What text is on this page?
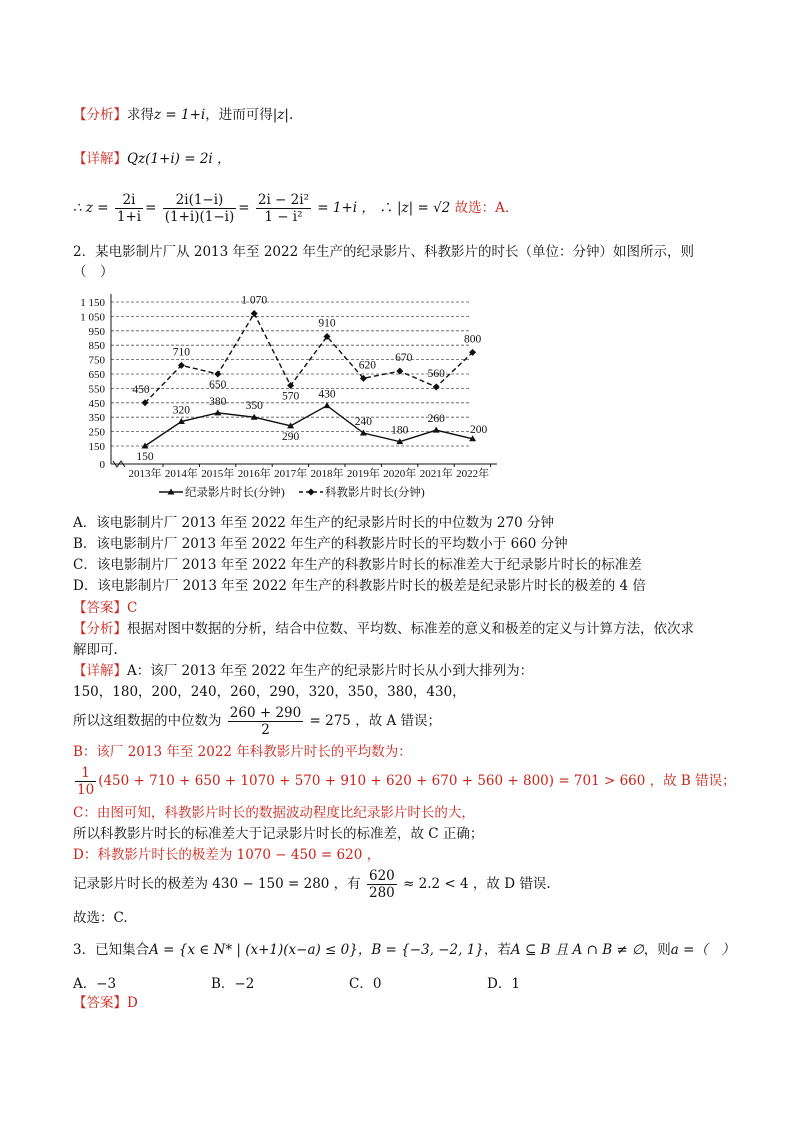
【分析】求得z = 1+i，进而可得|z|.
【详解】Qz(1+i) = 2i ，
∴ $z = \frac{2i}{1+i} = \frac{2i(1-i)}{(1+i)(1-i)} = \frac{\text{2i − 2i²}}{\text{1 − i²}} = 1+i$ ， ∴ |z| = √2 故选：A.
2．某电影制片厂从 2013 年至 2022 年生产的纪录影片、科教影片的时长（单位：分钟）如图所示，则
（　）
0
150
250
350
450
550
650
750
850
950
1 050
1 150
2013年 2014年 2015年 2016年 2017年 2018年 2019年 2020年 2021年 2022年
150
320
380 350
290
430
240
180
260
200
450
710
650
1 070
570
910
620
670
560
800
纪录影片时长(分钟)	科教影片时长(分钟)
A．该电影制片厂 2013 年至 2022 年生产的纪录影片时长的中位数为 270 分钟
B．该电影制片厂 2013 年至 2022 年生产的科教影片时长的平均数小于 660 分钟
C．该电影制片厂 2013 年至 2022 年生产的科教影片时长的标准差大于纪录影片时长的标准差
D．该电影制片厂 2013 年至 2022 年生产的科教影片时长的极差是纪录影片时长的极差的 4 倍
【答案】C
【分析】根据对图中数据的分析，结合中位数、平均数、标准差的意义和极差的定义与计算方法，依次求
解即可.
【详解】A：该厂 2013 年至 2022 年生产的纪录影片时长从小到大排列为：
150，180，200，240，260，290，320，350，380，430，
所以这组数据的中位数为 $\frac{260 + 290}{2} = 275$ ，故 A 错误；
B：该厂 2013 年至 2022 年科教影片时长的平均数为：
$\frac{1}{10} (450 + 710 + 650 + 1070 + 570 + 910 + 620 + 670 + 560 + 800) = 701 > 660$ ，故 B 错误；
C：由图可知，科教影片时长的数据波动程度比纪录影片时长的大，
所以科教影片时长的标准差大于记录影片时长的标准差，故 C 正确；
D：科教影片时长的极差为 1070 − 450 = 620 ，
记录影片时长的极差为 430 − 150 = 280 ，有 $\frac{620}{280} \approx 2.2 < 4$ ，故 D 错误.
故选：C.
3．已知集合A = {x ∈ N* | (x+1)(x−a) ≤ 0}，B = {−3, −2, 1}，若A ⊆ B 且 A ∩ B ≠ ∅，则a =（　）
A．−3	B．−2	C．0	D．1
【答案】D
